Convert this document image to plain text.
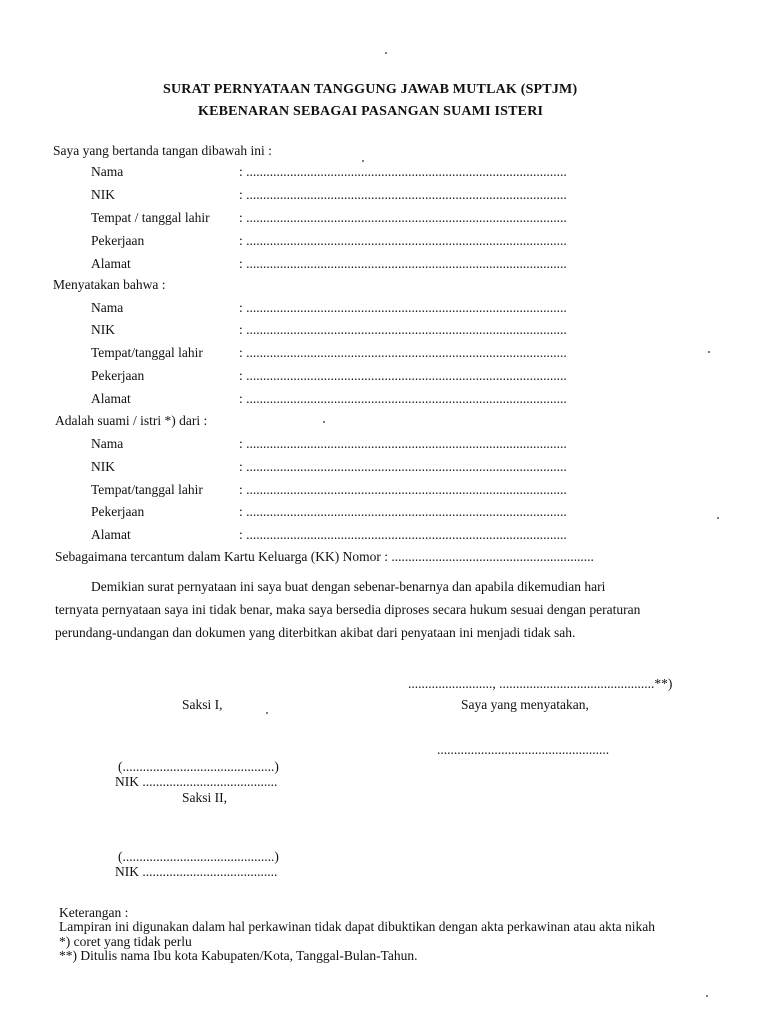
SURAT PERNYATAAN TANGGUNG JAWAB MUTLAK (SPTJM)
KEBENARAN SEBAGAI PASANGAN SUAMI ISTERI
Saya yang bertanda tangan dibawah ini :
Nama	: ...............................................................................................
NIK	: ...............................................................................................
Tempat / tanggal lahir : ...............................................................................................
Pekerjaan	: ...............................................................................................
Alamat	: ...............................................................................................
Menyatakan bahwa :
Nama	: ...............................................................................................
NIK	: ...............................................................................................
Tempat/tanggal lahir	: ...............................................................................................
Pekerjaan	: ...............................................................................................
Alamat	: ...............................................................................................
Adalah suami / istri *) dari :
Nama	: ...............................................................................................
NIK	: ...............................................................................................
Tempat/tanggal lahir	: ...............................................................................................
Pekerjaan	: ...............................................................................................
Alamat	: ...............................................................................................
Sebagaimana tercantum dalam Kartu Keluarga (KK) Nomor : ............................................................
Demikian surat pernyataan ini saya buat dengan sebenar-benarnya dan apabila dikemudian hari
ternyata pernyataan saya ini tidak benar, maka saya bersedia diproses secara hukum sesuai dengan peraturan
perundang-undangan dan dokumen yang diterbitkan akibat dari penyataan ini menjadi tidak sah.
........................., ..............................................**)
Saksi I,	Saya yang menyatakan,
...................................................
(.............................................)
NIK ........................................
Saksi II,
(.............................................)
NIK ........................................
Keterangan :
Lampiran ini digunakan dalam hal perkawinan tidak dapat dibuktikan dengan akta perkawinan atau akta nikah
*) coret yang tidak perlu
**) Ditulis nama Ibu kota Kabupaten/Kota, Tanggal-Bulan-Tahun.
